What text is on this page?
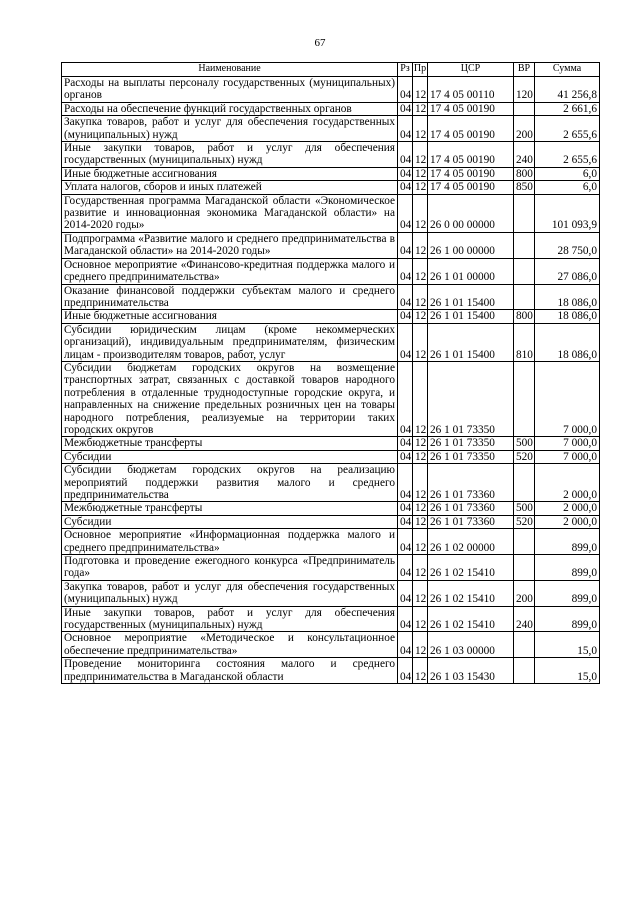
67
Наименование	Рз	Пр	ЦСР	ВР	Сумма
Расходы на выплаты персоналу государственных (муниципальных) органов	04	12	17 4 05 00110	120	41 256,8
Расходы на обеспечение функций государственных органов	04	12	17 4 05 00190		2 661,6
Закупка товаров, работ и услуг для обеспечения государственных (муниципальных) нужд	04	12	17 4 05 00190	200	2 655,6
Иные закупки товаров, работ и услуг для обеспечения государственных (муниципальных) нужд	04	12	17 4 05 00190	240	2 655,6
Иные бюджетные ассигнования	04	12	17 4 05 00190	800	6,0
Уплата налогов, сборов и иных платежей	04	12	17 4 05 00190	850	6,0
Государственная программа Магаданской области «Экономическое развитие и инновационная экономика Магаданской области» на 2014-2020 годы»	04	12	26 0 00 00000		101 093,9
Подпрограмма «Развитие малого и среднего предпринимательства в Магаданской области» на 2014-2020 годы»	04	12	26 1 00 00000		28 750,0
Основное мероприятие «Финансово-кредитная поддержка малого и среднего предпринимательства»	04	12	26 1 01 00000		27 086,0
Оказание финансовой поддержки субъектам малого и среднего предпринимательства	04	12	26 1 01 15400		18 086,0
Иные бюджетные ассигнования	04	12	26 1 01 15400	800	18 086,0
Субсидии юридическим лицам (кроме некоммерческих организаций), индивидуальным предпринимателям, физическим лицам - производителям товаров, работ, услуг	04	12	26 1 01 15400	810	18 086,0
Субсидии бюджетам городских округов на возмещение транспортных затрат, связанных с доставкой товаров народного потребления в отдаленные труднодоступные городские округа, и направленных на снижение предельных розничных цен на товары народного потребления, реализуемые на территории таких городских округов	04	12	26 1 01 73350		7 000,0
Межбюджетные трансферты	04	12	26 1 01 73350	500	7 000,0
Субсидии	04	12	26 1 01 73350	520	7 000,0
Субсидии бюджетам городских округов на реализацию мероприятий поддержки развития малого и среднего предпринимательства	04	12	26 1 01 73360		2 000,0
Межбюджетные трансферты	04	12	26 1 01 73360	500	2 000,0
Субсидии	04	12	26 1 01 73360	520	2 000,0
Основное мероприятие «Информационная поддержка малого и среднего предпринимательства»	04	12	26 1 02 00000		899,0
Подготовка и проведение ежегодного конкурса «Предприниматель года»	04	12	26 1 02 15410		899,0
Закупка товаров, работ и услуг для обеспечения государственных (муниципальных) нужд	04	12	26 1 02 15410	200	899,0
Иные закупки товаров, работ и услуг для обеспечения государственных (муниципальных) нужд	04	12	26 1 02 15410	240	899,0
Основное мероприятие «Методическое и консультационное обеспечение предпринимательства»	04	12	26 1 03 00000		15,0
Проведение мониторинга состояния малого и среднего предпринимательства в Магаданской области	04	12	26 1 03 15430		15,0
